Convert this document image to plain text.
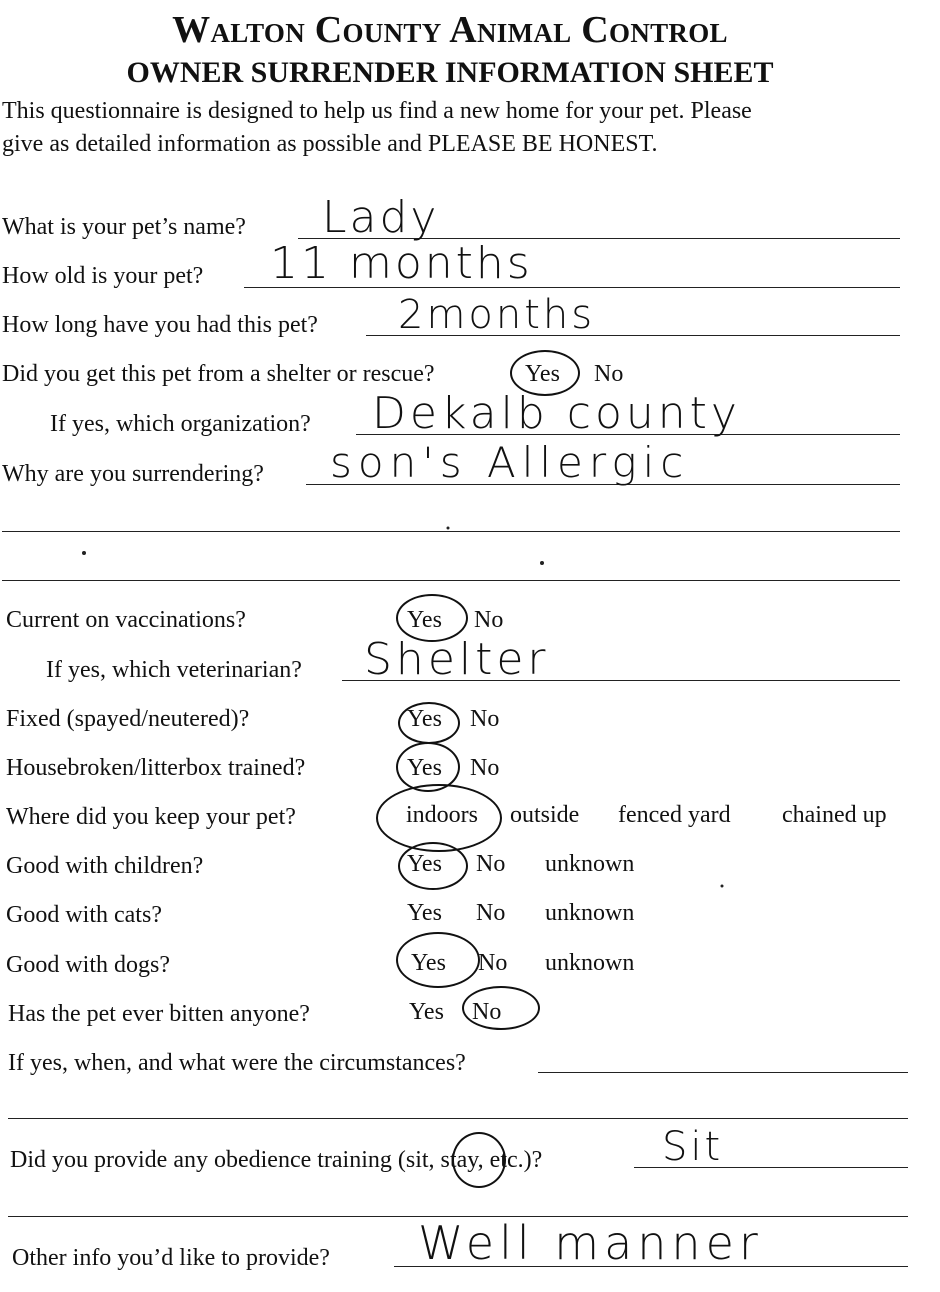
Walton County Animal Control
OWNER SURRENDER INFORMATION SHEET
This questionnaire is designed to help us find a new home for your pet. Please
give as detailed information as possible and PLEASE BE HONEST.
What is your pet’s name? Lady
How old is your pet? 11 months
How long have you had this pet? 2months
Did you get this pet from a shelter or rescue?	Yes No
If yes, which organization? Dekalb county
Why are you surrendering? son's Allergic
Current on vaccinations?	Yes No
If yes, which veterinarian? Shelter
Fixed (spayed/neutered)?	Yes No
Housebroken/litterbox trained?	Yes No
Where did you keep your pet?	indoors outside fenced yard chained up
Good with children?	Yes No unknown
Good with cats?	Yes No unknown
Good with dogs?	Yes No unknown
Has the pet ever bitten anyone?	Yes No
If yes, when, and what were the circumstances?
Did you provide any obedience training (sit, stay, etc.)?	Sit
Other info you’d like to provide? Well manner
